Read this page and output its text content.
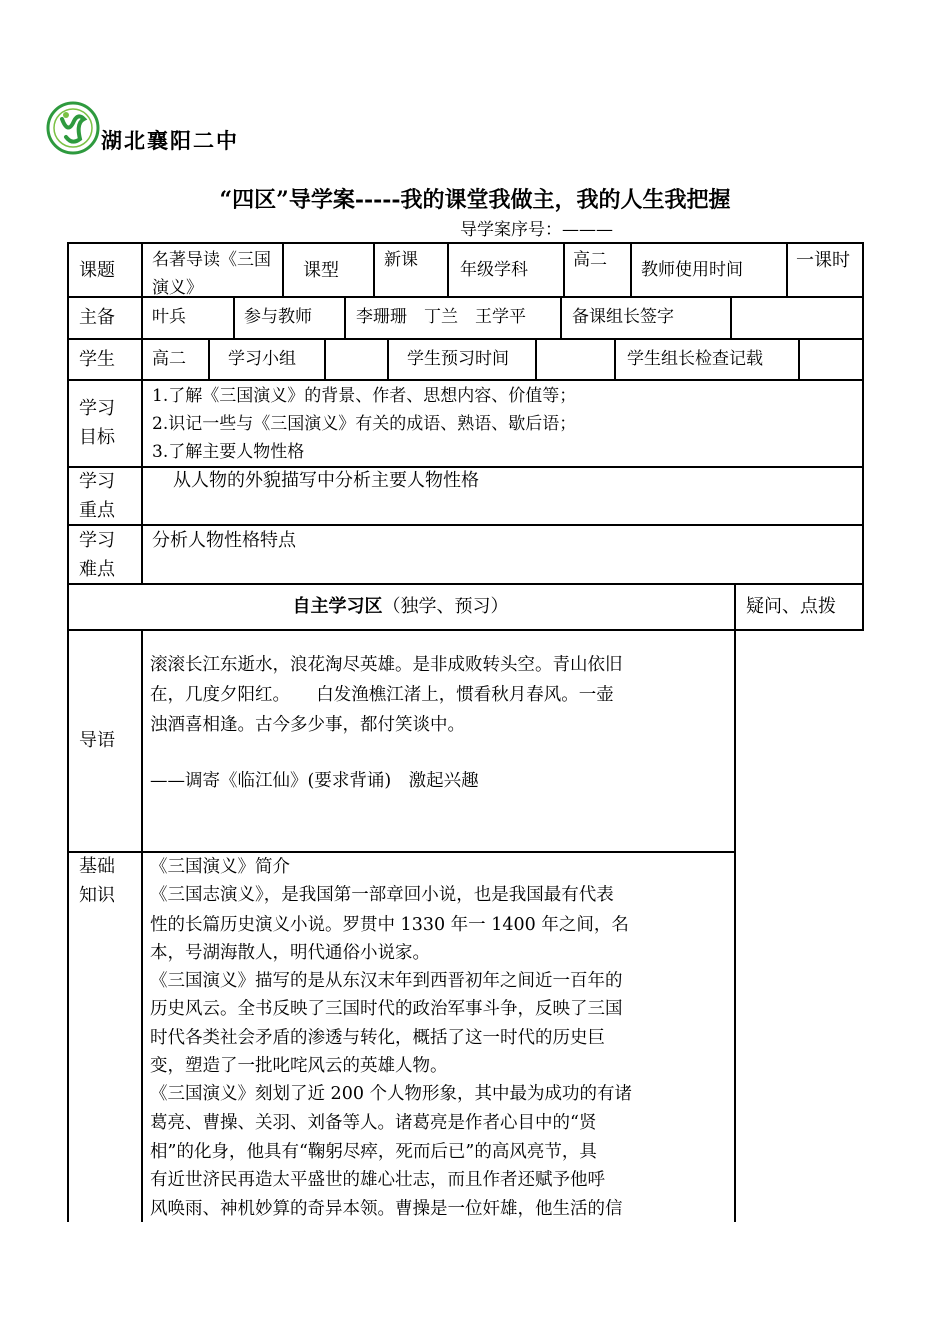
湖北襄阳二中
“四区”导学案-----我的课堂我做主，我的人生我把握
导学案序号：———
课题 名著导读《三国演义》
课型	新课 年级学科	高二 教师使用时间	一课时
主备 叶兵	参与教师	李珊珊　丁兰　王学平	备课组长签字
学生 高二 学习小组	学生预习时间	学生组长检查记载
学习目标
1.了解《三国演义》的背景、作者、思想内容、价值等；
2.识记一些与《三国演义》有关的成语、熟语、歇后语；
3.了解主要人物性格
学习重点
从人物的外貌描写中分析主要人物性格
学习难点
分析人物性格特点
自主学习区（独学、预习）	疑问、点拨
导语
滚滚长江东逝水，浪花淘尽英雄。是非成败转头空。青山依旧
在，几度夕阳红。　　白发渔樵江渚上，惯看秋月春风。一壶
浊酒喜相逢。古今多少事，都付笑谈中。
——调寄《临江仙》(要求背诵)　激起兴趣
基础知识
《三国演义》简介
《三国志演义》，是我国第一部章回小说，也是我国最有代表
性的长篇历史演义小说。罗贯中 1330 年一 1400 年之间，名
本，号湖海散人，明代通俗小说家。
《三国演义》描写的是从东汉末年到西晋初年之间近一百年的
历史风云。全书反映了三国时代的政治军事斗争，反映了三国
时代各类社会矛盾的渗透与转化，概括了这一时代的历史巨
变，塑造了一批叱咤风云的英雄人物。
《三国演义》刻划了近 200 个人物形象，其中最为成功的有诸
葛亮、曹操、关羽、刘备等人。诸葛亮是作者心目中的“贤
相”的化身，他具有“鞠躬尽瘁，死而后已”的高风亮节，具
有近世济民再造太平盛世的雄心壮志，而且作者还赋予他呼
风唤雨、神机妙算的奇异本领。曹操是一位奸雄，他生活的信
